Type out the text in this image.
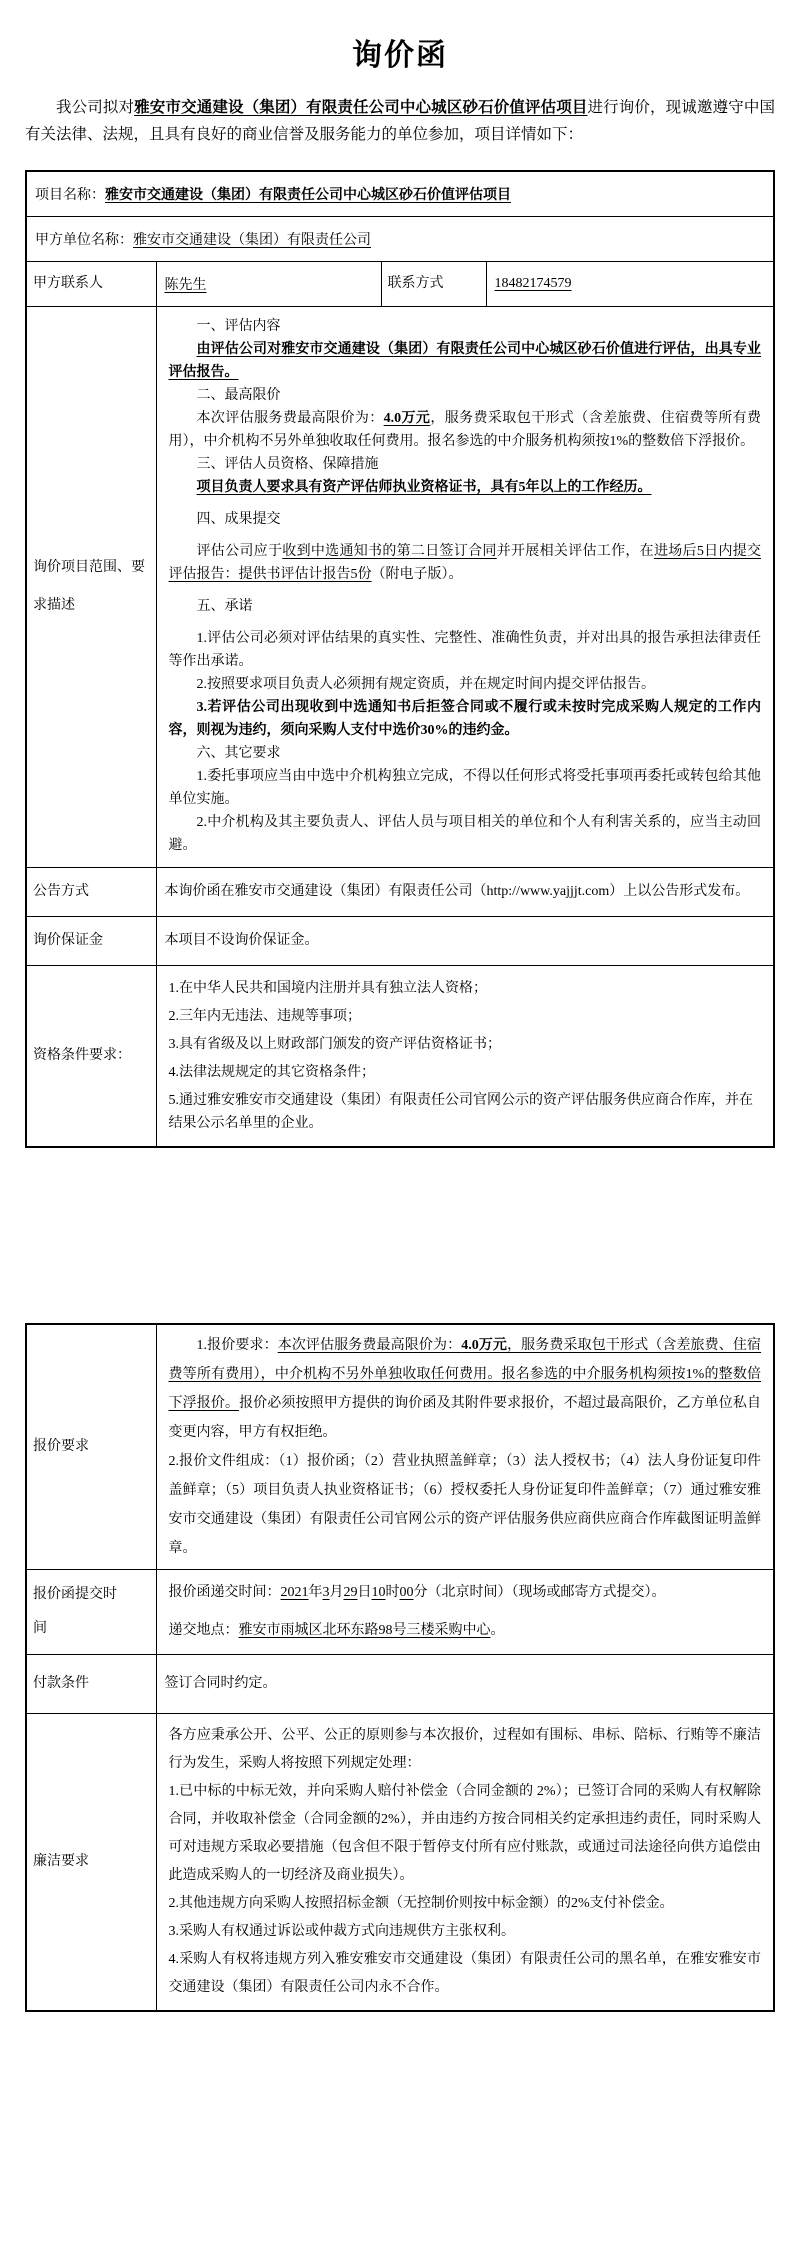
询价函

我公司拟对雅安市交通建设（集团）有限责任公司中心城区砂石价值评估项目进行询价，现诚邀遵守中国有关法律、法规，且具有良好的商业信誉及服务能力的单位参加，项目详情如下：

项目名称：雅安市交通建设（集团）有限责任公司中心城区砂石价值评估项目			
甲方单位名称：雅安市交通建设（集团）有限责任公司			
甲方联系人	陈先生	联系方式	18482174579
询价项目范围、要求描述	

一、评估内容

由评估公司对雅安市交通建设（集团）有限责任公司中心城区砂石价值进行评估，出具专业评估报告。

二、最高限价

本次评估服务费最高限价为：4.0万元，服务费采取包干形式（含差旅费、住宿费等所有费用），中介机构不另外单独收取任何费用。报名参选的中介服务机构须按1%的整数倍下浮报价。

三、评估人员资格、保障措施

项目负责人要求具有资产评估师执业资格证书，具有5年以上的工作经历。

四、成果提交

评估公司应于收到中选通知书的第二日签订合同并开展相关评估工作，在进场后5日内提交评估报告：提供书评估计报告5份（附电子版）。

五、承诺

1.评估公司必须对评估结果的真实性、完整性、准确性负责，并对出具的报告承担法律责任等作出承诺。

2.按照要求项目负责人必须拥有规定资质，并在规定时间内提交评估报告。

3.若评估公司出现收到中选通知书后拒签合同或不履行或未按时完成采购人规定的工作内容，则视为违约，须向采购人支付中选价30%的违约金。

六、其它要求

1.委托事项应当由中选中介机构独立完成，不得以任何形式将受托事项再委托或转包给其他单位实施。

2.中介机构及其主要负责人、评估人员与项目相关的单位和个人有利害关系的，应当主动回避。

公告方式	本询价函在雅安市交通建设（集团）有限责任公司（http://www.yajjjt.com）上以公告形式发布。		
询价保证金	本项目不设询价保证金。		
资格条件要求：	1.在中华人民共和国境内注册并具有独立法人资格；

2.三年内无违法、违规等事项；

3.具有省级及以上财政部门颁发的资产评估资格证书；

4.法律法规规定的其它资格条件；

5.通过雅安雅安市交通建设（集团）有限责任公司官网公示的资产评估服务供应商合作库，并在结果公示名单里的企业。		

报价要求	1.报价要求：本次评估服务费最高限价为：4.0万元，服务费采取包干形式（含差旅费、住宿费等所有费用），中介机构不另外单独收取任何费用。报名参选的中介服务机构须按1%的整数倍下浮报价。报价必须按照甲方提供的询价函及其附件要求报价，不超过最高限价，乙方单位私自变更内容，甲方有权拒绝。

2.报价文件组成：（1）报价函；（2）营业执照盖鲜章；（3）法人授权书；（4）法人身份证复印件盖鲜章；（5）项目负责人执业资格证书；（6）授权委托人身份证复印件盖鲜章；（7）通过雅安雅安市交通建设（集团）有限责任公司官网公示的资产评估服务供应商供应商合作库截图证明盖鲜章。

报价函提交时间	报价函递交时间：2021年3月29日10时00分（北京时间）（现场或邮寄方式提交）。

递交地点：雅安市雨城区北环东路98号三楼采购中心。

付款条件	签订合同时约定。
廉洁要求	各方应秉承公开、公平、公正的原则参与本次报价，过程如有围标、串标、陪标、行贿等不廉洁行为发生，采购人将按照下列规定处理：

1.已中标的中标无效，并向采购人赔付补偿金（合同金额的 2%）；已签订合同的采购人有权解除合同，并收取补偿金（合同金额的2%），并由违约方按合同相关约定承担违约责任，同时采购人可对违规方采取必要措施（包含但不限于暂停支付所有应付账款，或通过司法途径向供方追偿由此造成采购人的一切经济及商业损失）。

2.其他违规方向采购人按照招标金额（无控制价则按中标金额）的2%支付补偿金。

3.采购人有权通过诉讼或仲裁方式向违规供方主张权利。

4.采购人有权将违规方列入雅安雅安市交通建设（集团）有限责任公司的黑名单，在雅安雅安市交通建设（集团）有限责任公司内永不合作。
